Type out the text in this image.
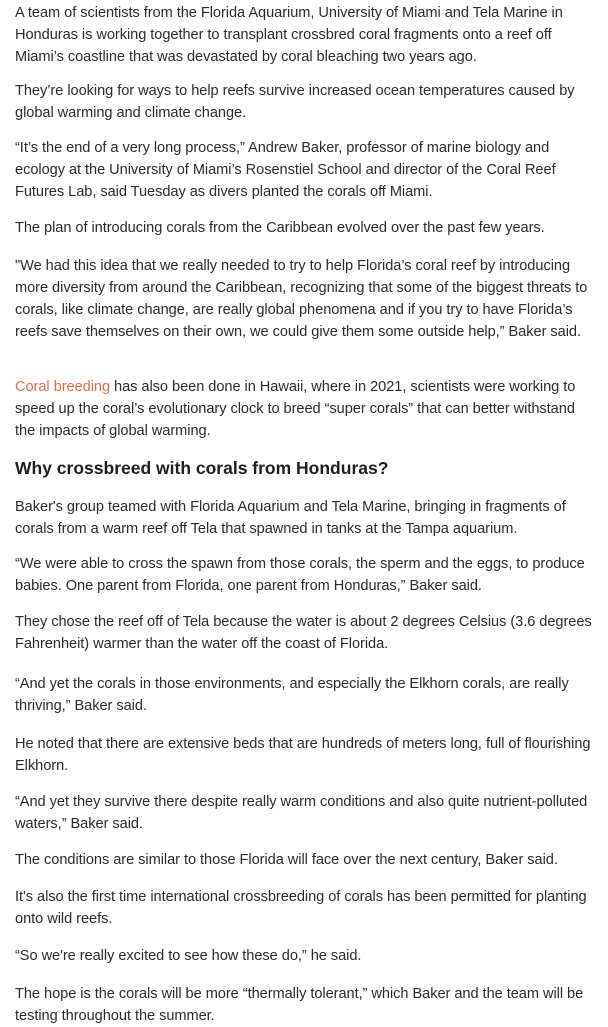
A team of scientists from the Florida Aquarium, University of Miami and Tela Marine in Honduras is working together to transplant crossbred coral fragments onto a reef off Miami’s coastline that was devastated by coral bleaching two years ago.

They’re looking for ways to help reefs survive increased ocean temperatures caused by global warming and climate change.

“It’s the end of a very long process,” Andrew Baker, professor of marine biology and ecology at the University of Miami’s Rosenstiel School and director of the Coral Reef Futures Lab, said Tuesday as divers planted the corals off Miami.

The plan of introducing corals from the Caribbean evolved over the past few years.

"We had this idea that we really needed to try to help Florida’s coral reef by introducing more diversity from around the Caribbean, recognizing that some of the biggest threats to corals, like climate change, are really global phenomena and if you try to have Florida’s reefs save themselves on their own, we could give them some outside help,” Baker said.

Coral breeding has also been done in Hawaii, where in 2021, scientists were working to speed up the coral’s evolutionary clock to breed “super corals” that can better withstand the impacts of global warming.

Why crossbreed with corals from Honduras?

Baker's group teamed with Florida Aquarium and Tela Marine, bringing in fragments of corals from a warm reef off Tela that spawned in tanks at the Tampa aquarium.

“We were able to cross the spawn from those corals, the sperm and the eggs, to produce babies. One parent from Florida, one parent from Honduras,” Baker said.

They chose the reef off of Tela because the water is about 2 degrees Celsius (3.6 degrees Fahrenheit) warmer than the water off the coast of Florida.

“And yet the corals in those environments, and especially the Elkhorn corals, are really thriving,” Baker said.

He noted that there are extensive beds that are hundreds of meters long, full of flourishing Elkhorn.

“And yet they survive there despite really warm conditions and also quite nutrient-polluted waters,” Baker said.

The conditions are similar to those Florida will face over the next century, Baker said.

It's also the first time international crossbreeding of corals has been permitted for planting onto wild reefs.

“So we're really excited to see how these do,” he said.

The hope is the corals will be more “thermally tolerant,” which Baker and the team will be testing throughout the summer.
